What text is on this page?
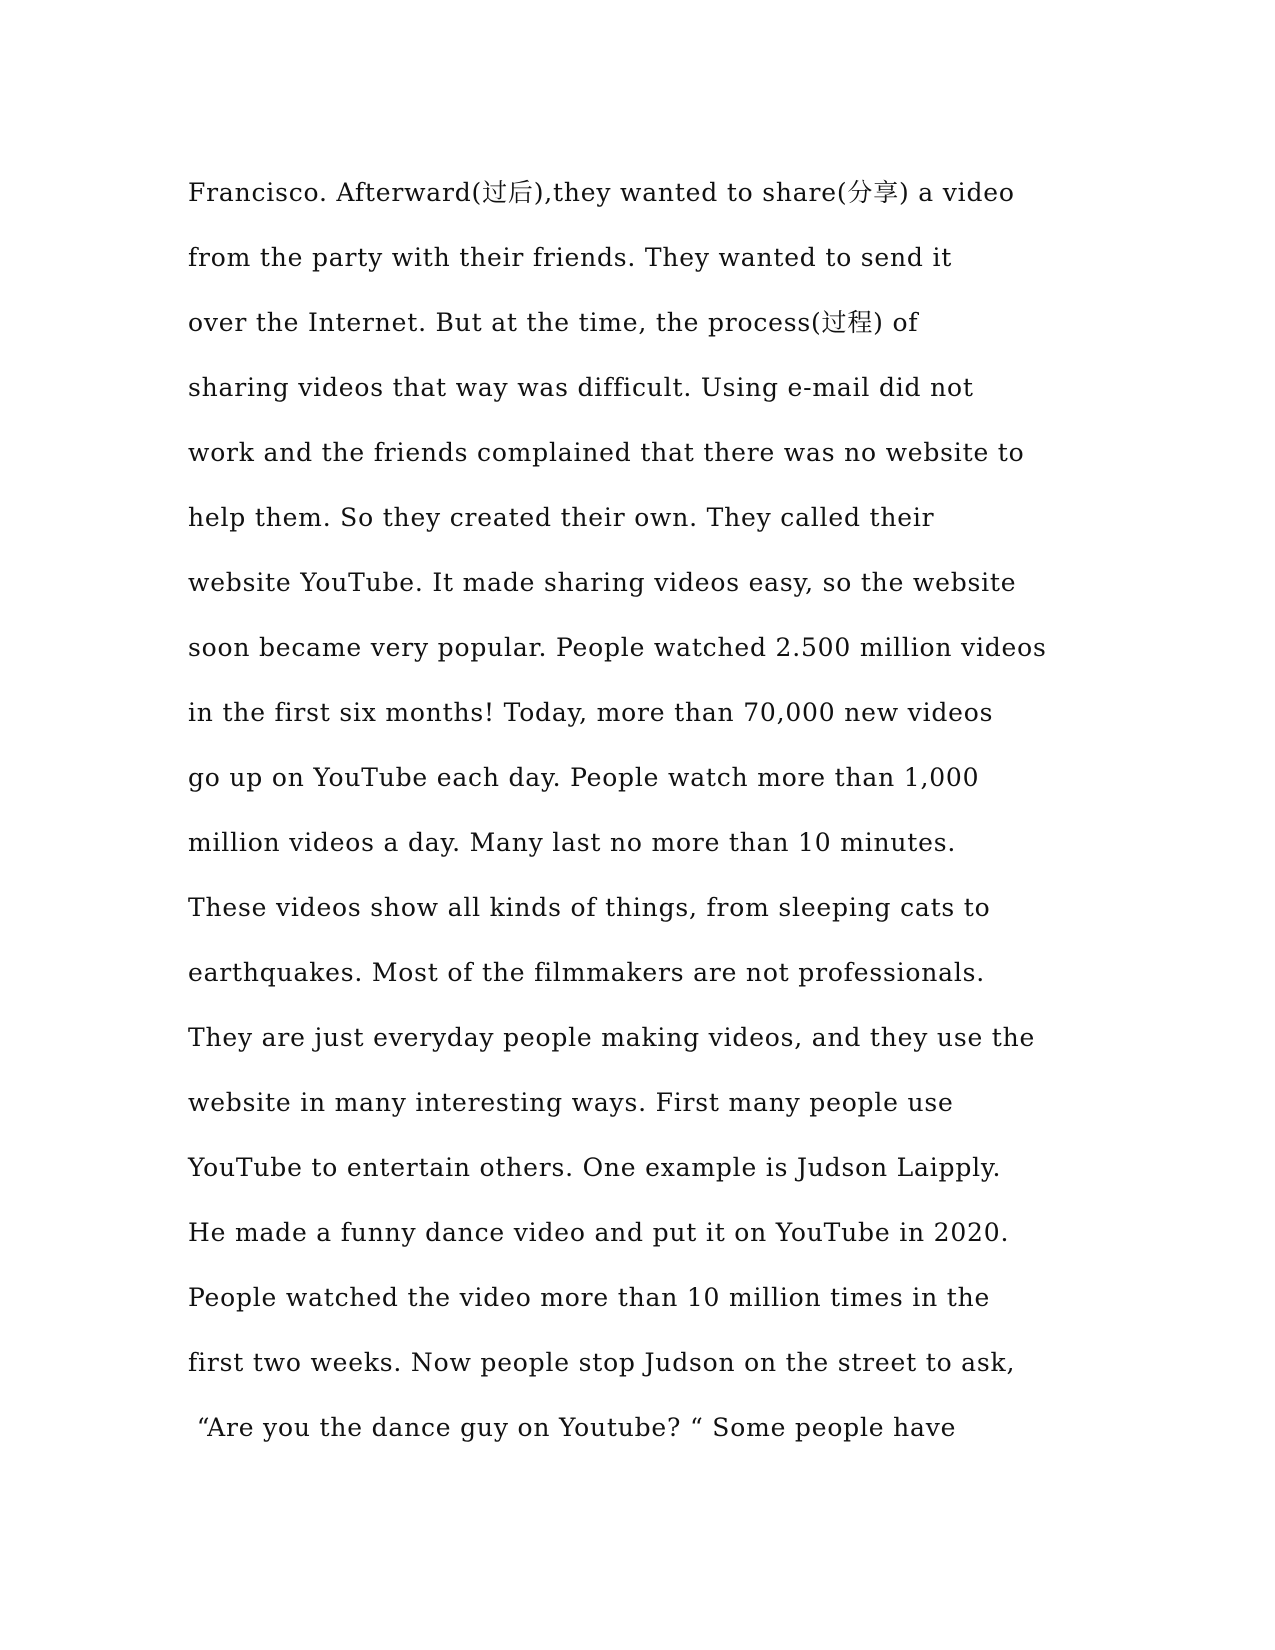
Francisco. Afterward(过后),they wanted to share(分享) a video
from the party with their friends. They wanted to send it
over the Internet. But at the time, the process(过程) of
sharing videos that way was difficult. Using e-mail did not
work and the friends complained that there was no website to
help them. So they created their own. They called their
website YouTube. It made sharing videos easy, so the website
soon became very popular. People watched 2.500 million videos
in the first six months! Today, more than 70,000 new videos
go up on YouTube each day. People watch more than 1,000
million videos a day. Many last no more than 10 minutes.
These videos show all kinds of things, from sleeping cats to
earthquakes. Most of the filmmakers are not professionals.
They are just everyday people making videos, and they use the
website in many interesting ways. First many people use
YouTube to entertain others. One example is Judson Laipply.
He made a funny dance video and put it on YouTube in 2020.
People watched the video more than 10 million times in the
first two weeks. Now people stop Judson on the street to ask,
“Are you the dance guy on Youtube? “ Some people have
